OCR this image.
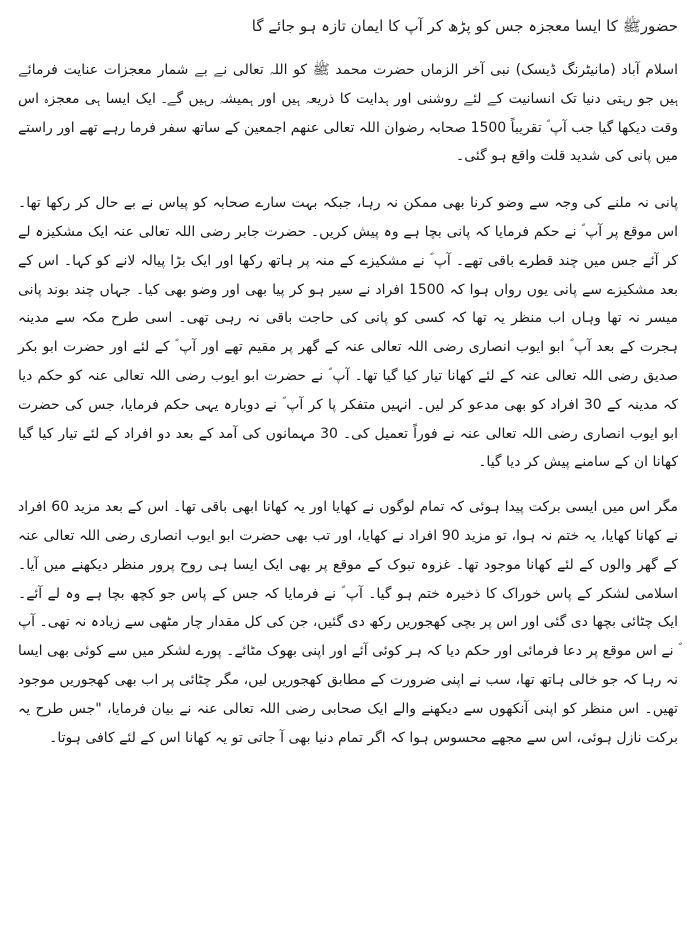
حضورﷺ کا ایسا معجزہ جس کو پڑھ کر آپ کا ایمان تازہ ہو جائے گا

اسلام آباد (مانیٹرنگ ڈیسک) نبی آخر الزماں حضرت محمد ﷺ کو اللہ تعالی نے بے شمار معجزات عنایت فرمائے ہیں جو رہتی دنیا تک انسانیت کے لئے روشنی اور ہدایت کا ذریعہ ہیں اور ہمیشہ رہیں گے۔ ایک ایسا ہی معجزہ اس وقت دیکھا گیا جب آپ ؐ تقریباً 1500 صحابہ رضوان اللہ تعالی عنھم اجمعین کے ساتھ سفر فرما رہے تھے اور راستے میں پانی کی شدید قلت واقع ہو گئی۔

پانی نہ ملنے کی وجہ سے وضو کرنا بھی ممکن نہ رہا، جبکہ بہت سارے صحابہ کو پیاس نے بے حال کر رکھا تھا۔ اس موقع پر آپ ؐ نے حکم فرمایا کہ پانی بچا ہے وہ پیش کریں۔ حضرت جابر رضی اللہ تعالی عنہ ایک مشکیزہ لے کر آئے جس میں چند قطرے باقی تھے۔ آپ ؐ نے مشکیزے کے منہ پر ہاتھ رکھا اور ایک بڑا پیالہ لانے کو کہا۔ اس کے بعد مشکیزے سے پانی یوں رواں ہوا کہ 1500 افراد نے سیر ہو کر پیا بھی اور وضو بھی کیا۔ جہاں چند بوند پانی میسر نہ تھا وہاں اب منظر یہ تھا کہ کسی کو پانی کی حاجت باقی نہ رہی تھی۔ اسی طرح مکہ سے مدینہ ہجرت کے بعد آپ ؐ ابو ایوب انصاری رضی اللہ تعالی عنہ کے گھر پر مقیم تھے اور آپ ؐ کے لئے اور حضرت ابو بکر صدیق رضی اللہ تعالی عنہ کے لئے کھانا تیار کیا گیا تھا۔ آپ ؐ نے حضرت ابو ایوب رضی اللہ تعالی عنہ کو حکم دیا کہ مدینہ کے 30 افراد کو بھی مدعو کر لیں۔ انہیں متفکر پا کر آپ ؐ نے دوبارہ یہی حکم فرمایا، جس کی حضرت ابو ایوب انصاری رضی اللہ تعالی عنہ نے فوراً تعمیل کی۔ 30 مہمانوں کی آمد کے بعد دو افراد کے لئے تیار کیا گیا کھانا ان کے سامنے پیش کر دیا گیا۔

مگر اس میں ایسی برکت پیدا ہوئی کہ تمام لوگوں نے کھایا اور یہ کھانا ابھی باقی تھا۔ اس کے بعد مزید 60 افراد نے کھانا کھایا، یہ ختم نہ ہوا، تو مزید 90 افراد نے کھایا، اور تب بھی حضرت ابو ایوب انصاری رضی اللہ تعالی عنہ کے گھر والوں کے لئے کھانا موجود تھا۔ غزوہ تبوک کے موقع پر بھی ایک ایسا ہی روح پرور منظر دیکھنے میں آیا۔ اسلامی لشکر کے پاس خوراک کا ذخیرہ ختم ہو گیا۔ آپ ؐ نے فرمایا کہ جس کے پاس جو کچھ بچا ہے وہ لے آئے۔ ایک چٹائی بچھا دی گئی اور اس پر بچی کھجوریں رکھ دی گئیں، جن کی کل مقدار چار مٹھی سے زیادہ نہ تھی۔ آپ ؐ نے اس موقع پر دعا فرمائی اور حکم دیا کہ ہر کوئی آئے اور اپنی بھوک مٹائے۔ پورے لشکر میں سے کوئی بھی ایسا نہ رہا کہ جو خالی ہاتھ تھا، سب نے اپنی ضرورت کے مطابق کھجوریں لیں، مگر چٹائی پر اب بھی کھجوریں موجود تھیں۔ اس منظر کو اپنی آنکھوں سے دیکھنے والے ایک صحابی رضی اللہ تعالی عنہ نے بیان فرمایا، "جس طرح یہ برکت نازل ہوئی، اس سے مجھے محسوس ہوا کہ اگر تمام دنیا بھی آ جاتی تو یہ کھانا اس کے لئے کافی ہوتا۔
